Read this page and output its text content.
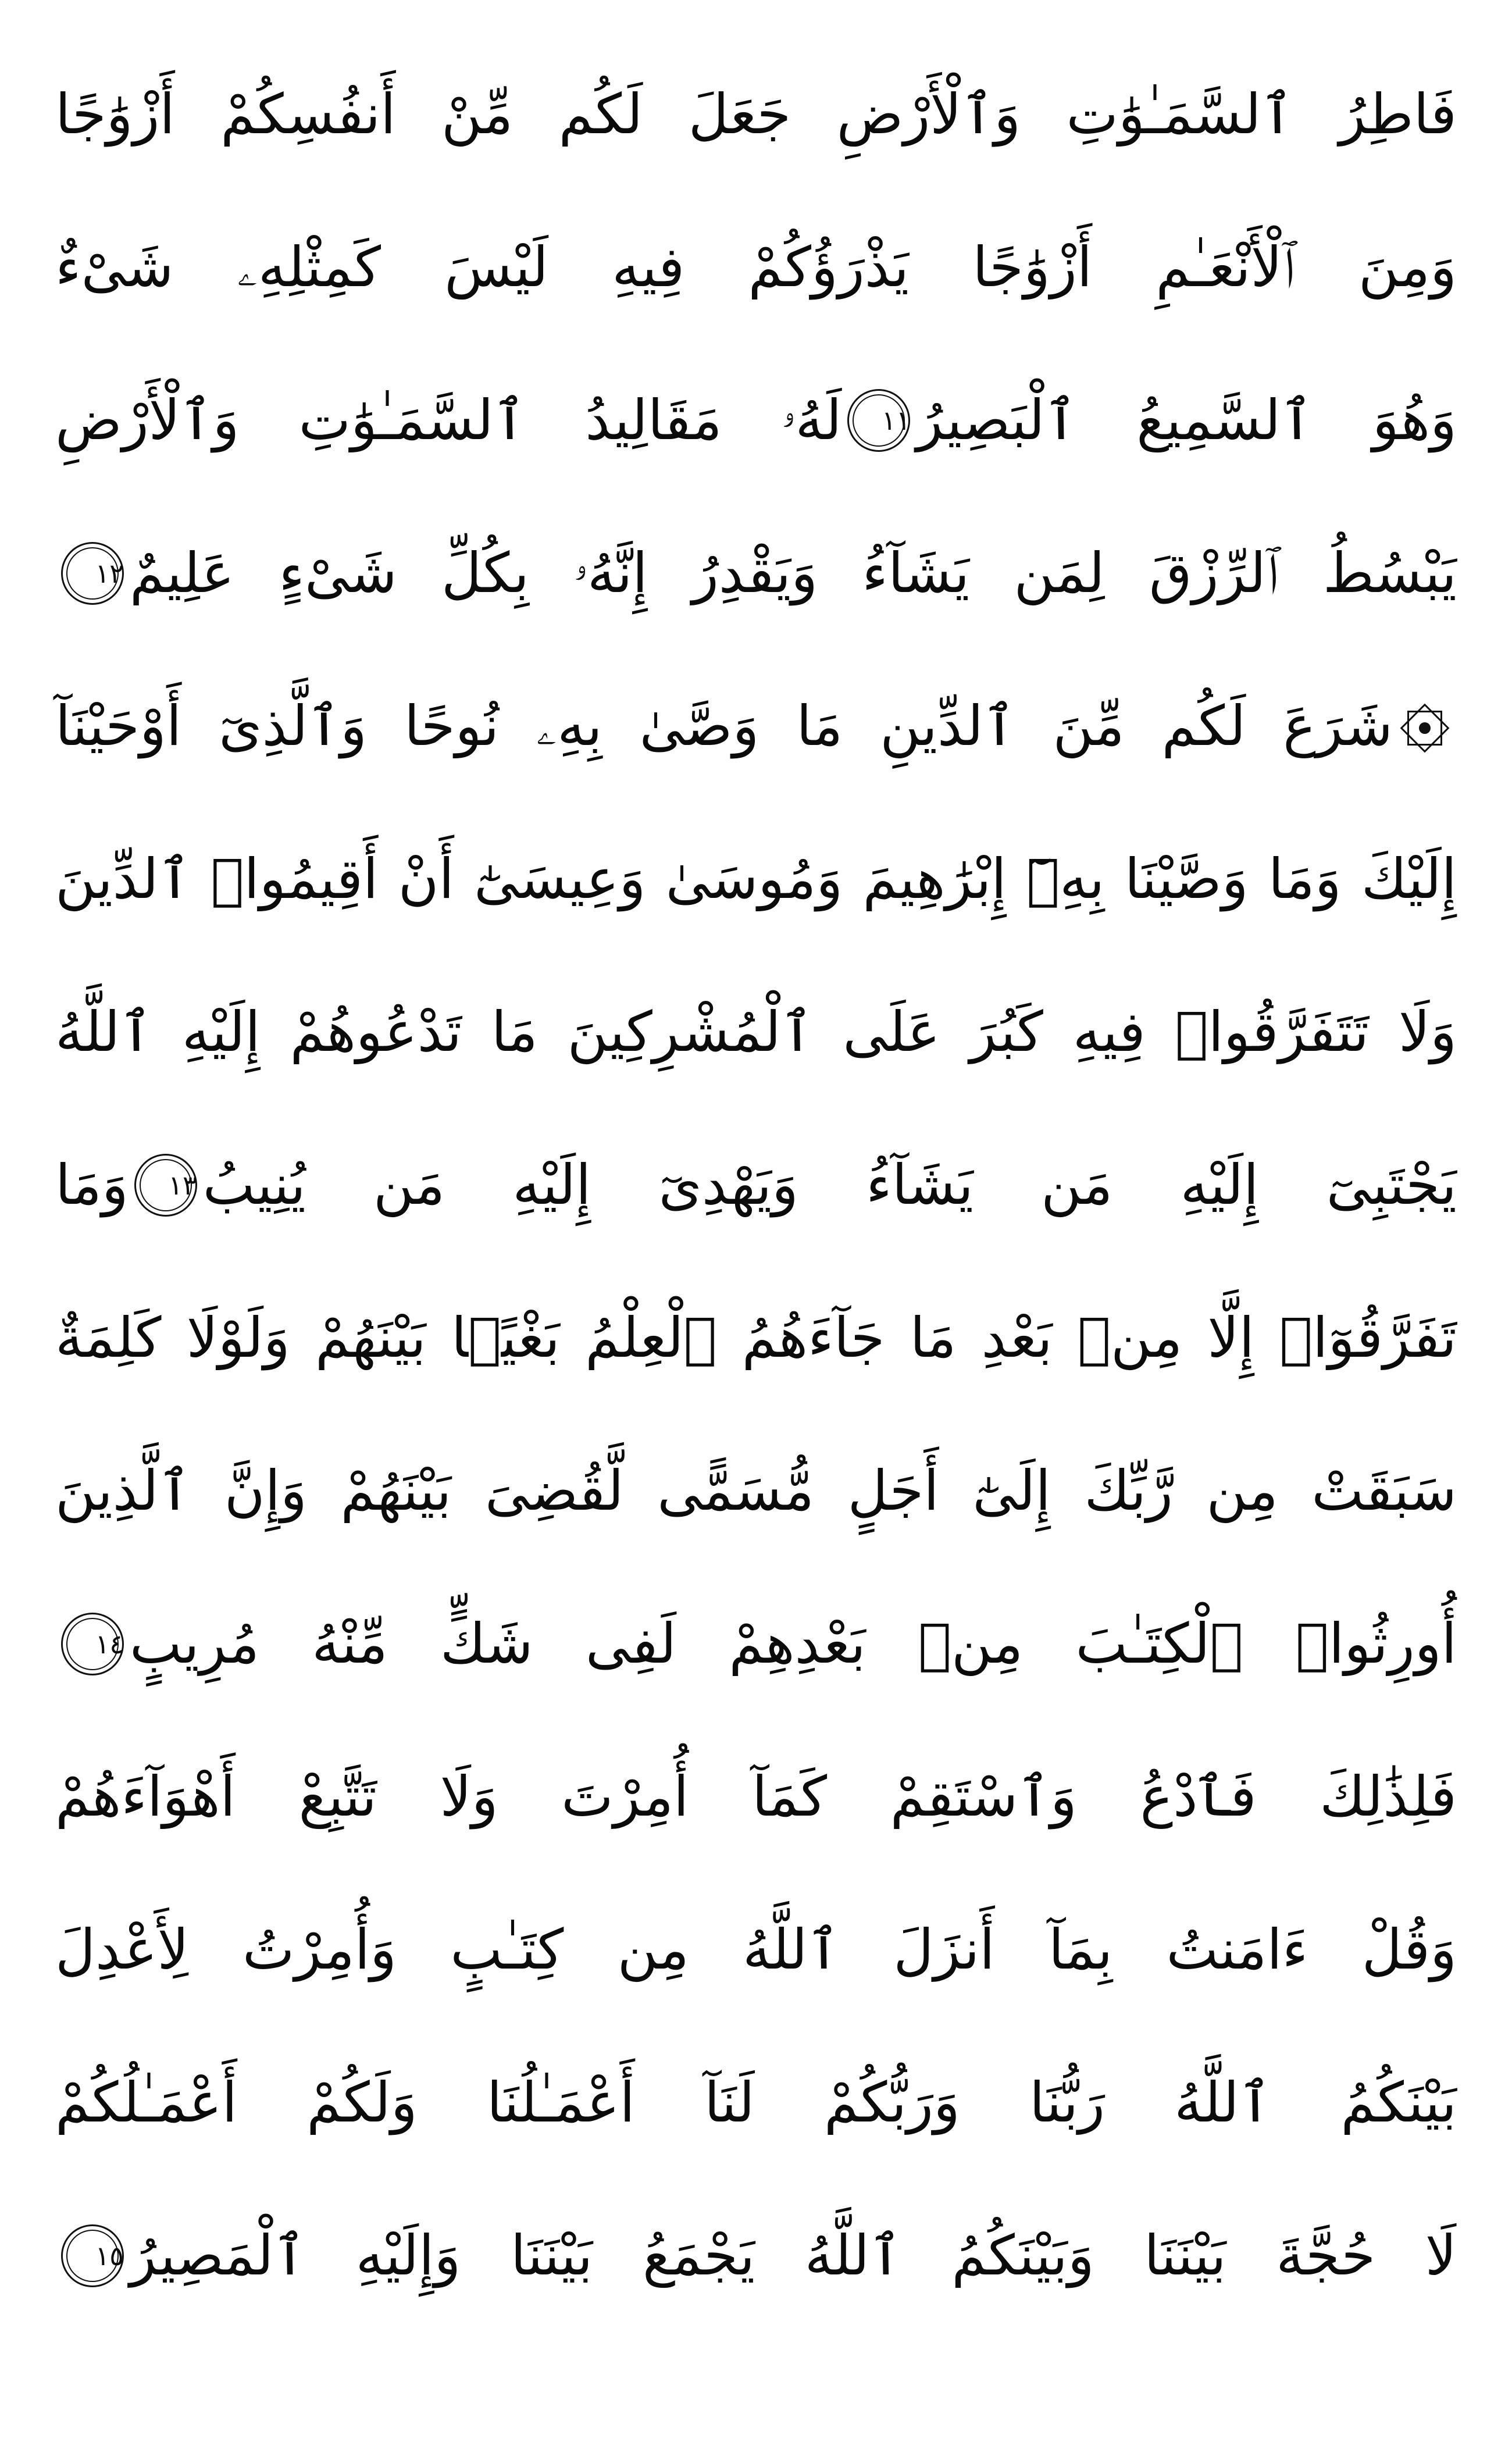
فَاطِرُ ٱلسَّمَـٰوَٰتِ وَٱلْأَرْضِ جَعَلَ لَكُم مِّنْ أَنفُسِكُمْ أَزْوَٰجًا
وَمِنَ ٱلْأَنْعَـٰمِ أَزْوَٰجًا يَذْرَؤُكُمْ فِيهِ لَيْسَ كَمِثْلِهِۦ شَىْءٌ
وَهُوَ ٱلسَّمِيعُ ٱلْبَصِيرُ
١١
لَهُۥ مَقَالِيدُ ٱلسَّمَـٰوَٰتِ وَٱلْأَرْضِ
يَبْسُطُ ٱلرِّزْقَ لِمَن يَشَآءُ وَيَقْدِرُ إِنَّهُۥ بِكُلِّ شَىْءٍ عَلِيمٌ
١٢
شَرَعَ لَكُم مِّنَ ٱلدِّينِ مَا وَصَّىٰ بِهِۦ نُوحًا وَٱلَّذِىٓ أَوْحَيْنَآ
إِلَيْكَ وَمَا وَصَّيْنَا بِهِۦٓ إِبْرَٰهِيمَ وَمُوسَىٰ وَعِيسَىٰٓ أَنْ أَقِيمُوا۟ ٱلدِّينَ
وَلَا تَتَفَرَّقُوا۟ فِيهِ كَبُرَ عَلَى ٱلْمُشْرِكِينَ مَا تَدْعُوهُمْ إِلَيْهِ ٱللَّهُ
يَجْتَبِىٓ إِلَيْهِ مَن يَشَآءُ وَيَهْدِىٓ إِلَيْهِ مَن يُنِيبُ
١٣
وَمَا
تَفَرَّقُوٓا۟ إِلَّا مِنۢ بَعْدِ مَا جَآءَهُمُ ٱلْعِلْمُ بَغْيًۢا بَيْنَهُمْ وَلَوْلَا كَلِمَةٌ
سَبَقَتْ مِن رَّبِّكَ إِلَىٰٓ أَجَلٍ مُّسَمًّى لَّقُضِىَ بَيْنَهُمْ وَإِنَّ ٱلَّذِينَ
أُورِثُوا۟ ٱلْكِتَـٰبَ مِنۢ بَعْدِهِمْ لَفِى شَكٍّ مِّنْهُ مُرِيبٍ
١٤
فَلِذَٰلِكَ فَٱدْعُ وَٱسْتَقِمْ كَمَآ أُمِرْتَ وَلَا تَتَّبِعْ أَهْوَآءَهُمْ
وَقُلْ ءَامَنتُ بِمَآ أَنزَلَ ٱللَّهُ مِن كِتَـٰبٍ وَأُمِرْتُ لِأَعْدِلَ
بَيْنَكُمُ ٱللَّهُ رَبُّنَا وَرَبُّكُمْ لَنَآ أَعْمَـٰلُنَا وَلَكُمْ أَعْمَـٰلُكُمْ
لَا حُجَّةَ بَيْنَنَا وَبَيْنَكُمُ ٱللَّهُ يَجْمَعُ بَيْنَنَا وَإِلَيْهِ ٱلْمَصِيرُ
١٥
